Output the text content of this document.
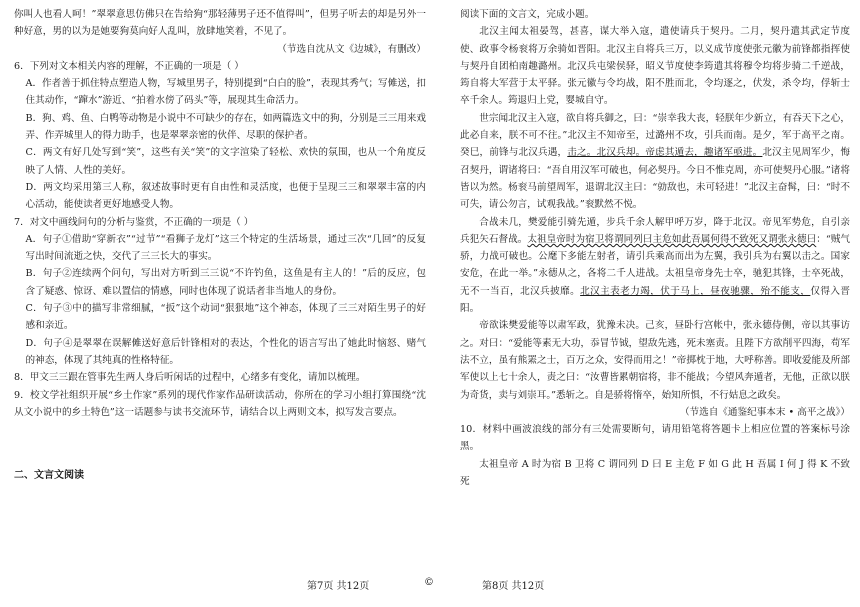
你叫人也看人呵！”翠翠意思仿佛只在告给狗“那轻薄男子还不值得叫”，但男子听去的却是另外一种好意，男的以为是她要狗莫向好人乱叫，放肆地笑着，不见了。

（节选自沈从文《边城》，有删改）

6．下列对文本相关内容的理解，不正确的一项是（ ）

A．作者善于抓住特点塑造人物，写城里男子，特别提到“白白的脸”，表现其秀气；写傩送，扣住其动作，“蹿水”游近、“拍着水傍了码头”等，展现其生命活力。

B．狗、鸡、鱼、白鸭等动物是小说中不可缺少的存在，如两篇选文中的狗，分别是三三用来戏弄、作弄城里人的得力助手，也是翠翠亲密的伙伴、尽职的保护者。

C．两文有好几处写到“笑”，这些有关“笑”的文字渲染了轻松、欢快的氛围，也从一个角度反映了人情、人性的美好。

D．两文均采用第三人称，叙述故事时更有自由性和灵活度，也便于呈现三三和翠翠丰富的内心活动，能使读者更好地感受人物。

7．对文中画线问句的分析与鉴赏，不正确的一项是（ ）

A．句子①借助“穿新衣”“过节”“看狮子龙灯”这三个特定的生活场景，通过三次“几回”的反复写出时间流逝之快，交代了三三长大的事实。

B．句子②连续两个问句，写出对方听到三三说“不许钓鱼，这鱼是有主人的！”后的反应，包含了疑惑、惊讶、难以置信的情感，同时也体现了说话者非当地人的身份。

C．句子③中的描写非常细腻，“扳”这个动词“狠狠地”这个神态，体现了三三对陌生男子的好感和亲近。

D．句子④是翠翠在误解傩送好意后针锋相对的表达，个性化的语言写出了她此时恼怒、赌气的神态，体现了其纯真的性格特征。

8．甲文三三跟在管事先生两人身后听闲话的过程中，心绪多有变化，请加以梳理。

9．校文学社组织开展“乡土作家”系列的现代作家作品研读活动，你所在的学习小组打算围绕“沈从文小说中的乡土特色”这一话题参与读书交流环节，请结合以上两则文本，拟写发言要点。

二、文言文阅读

阅读下面的文言文，完成小题。

北汉主闻太祖晏驾，甚喜，谋大举入寇，遣使请兵于契丹。二月，契丹遣其武定节度使、政事令杨衮将万余骑如晋阳。北汉主自将兵三万，以义成节度使张元徽为前锋都指挥使与契丹自团柏南趣潞州。北汉兵屯梁侯驿，昭义节度使李筠遣其将穆令均将步骑二千逆战，筠自将大军营于太平驿。张元徽与令均战，阳不胜而北，令均逐之，伏发，杀令均，俘斩士卒千余人。筠退归上党，婴城自守。

世宗闻北汉主入寇，欲自将兵御之，曰：“崇幸我大丧，轻朕年少新立，有吞天下之心，此必自来，朕不可不往。”北汉主不知帝至，过潞州不攻，引兵而南。是夕，军于高平之南。癸巳，前锋与北汉兵遇，击之。北汉兵却。帝虑其遁去，趣诸军亟进。北汉主见周军少，悔召契丹，谓诸将曰：“吾自用汉军可破也，何必契丹。今日不惟克周，亦可使契丹心服。”诸将皆以为然。杨衮马前望周军，退谓北汉主曰：“勍敌也，未可轻进！”北汉主奋髯，曰：“时不可失，请公勿言，试观我战。”衮默然不悦。

合战未几，樊爱能引骑先遁，步兵千余人解甲呼万岁，降于北汉。帝见军势危，自引亲兵犯矢石督战。太祖皇帝时为宿卫将谓同列曰主危如此吾属何得不致死又谓张永德曰：“贼气骄，力战可破也。公麾下多能左射者，请引兵乘高而出为左翼，我引兵为右翼以击之。国家安危，在此一举。”永德从之，各将二千人进战。太祖皇帝身先士卒，驰犯其锋，士卒死战，无不一当百，北汉兵披靡。北汉主表老力竭，伏于马上，昼夜驰骤，殆不能支，仅得入晋阳。

帝欲诛樊爱能等以肃军政，犹豫未决。己亥，昼卧行宫帐中，张永德侍侧，帝以其事访之。对曰：“爱能等素无大功，忝冒节钺，望敌先逃，死未塞责。且陛下方欲削平四海，苟军法不立，虽有熊罴之士，百万之众，安得而用之！”帝掷枕于地，大呼称善。即收爱能及所部军使以上七十余人，责之曰：“汝曹皆累朝宿将，非不能战；今望风奔遁者，无他，正欲以朕为奇货，卖与刘崇耳。”悉斩之。自是骄将惰卒，始知所惧，不行姑息之政矣。

（节选自《通鉴纪事本末 • 高平之战》）

10．材料中画波浪线的部分有三处需要断句，请用铅笔将答题卡上相应位置的答案标号涂黑。

太祖皇帝 A 时为宿 B 卫将 C 谓同列 D 曰 E 主危 F 如 G 此 H 吾属 I 何 J 得 K 不致死

第7页 共12页	©	第8页 共12页
